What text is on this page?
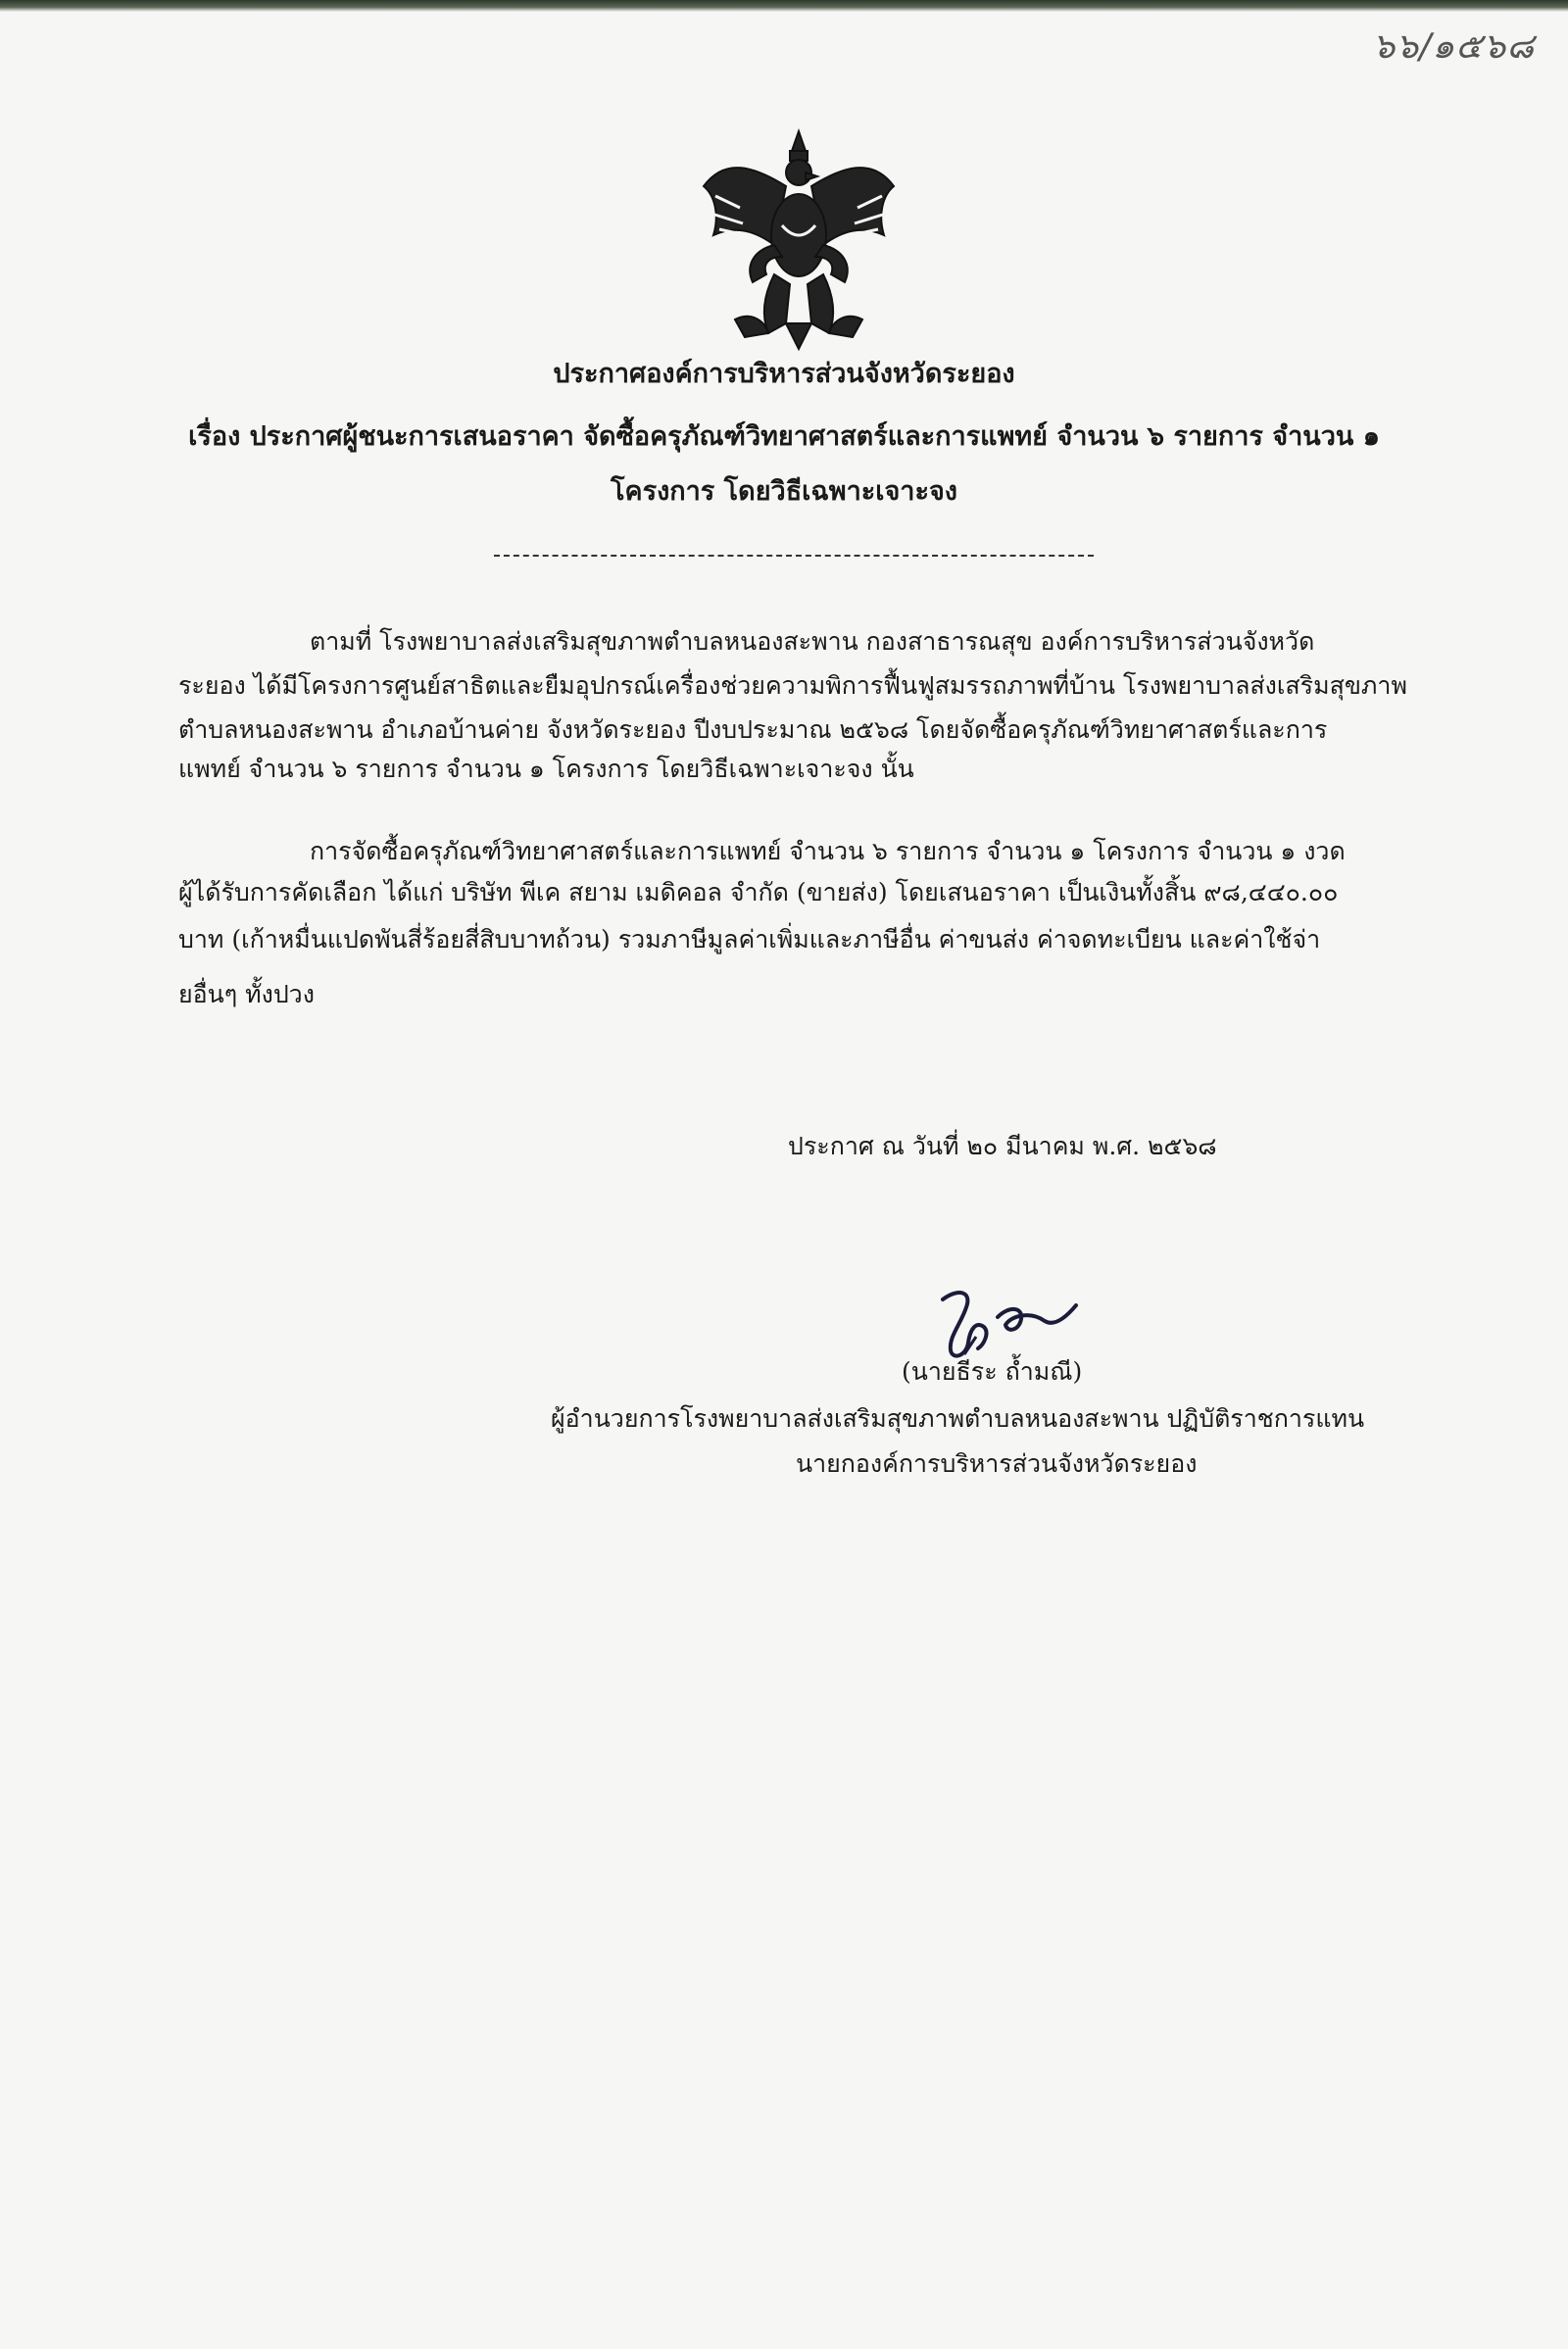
๖๖/๑๕๖๘
ประกาศองค์การบริหารส่วนจังหวัดระยอง
เรื่อง ประกาศผู้ชนะการเสนอราคา จัดซื้อครุภัณฑ์วิทยาศาสตร์และการแพทย์ จำนวน ๖ รายการ จำนวน ๑
โครงการ โดยวิธีเฉพาะเจาะจง
ตามที่ โรงพยาบาลส่งเสริมสุขภาพตำบลหนองสะพาน กองสาธารณสุข องค์การบริหารส่วนจังหวัด
ระยอง ได้มีโครงการศูนย์สาธิตและยืมอุปกรณ์เครื่องช่วยความพิการฟื้นฟูสมรรถภาพที่บ้าน โรงพยาบาลส่งเสริมสุขภาพ
ตำบลหนองสะพาน อำเภอบ้านค่าย จังหวัดระยอง ปีงบประมาณ ๒๕๖๘ โดยจัดซื้อครุภัณฑ์วิทยาศาสตร์และการ
แพทย์ จำนวน ๖ รายการ จำนวน ๑ โครงการ โดยวิธีเฉพาะเจาะจง นั้น
การจัดซื้อครุภัณฑ์วิทยาศาสตร์และการแพทย์ จำนวน ๖ รายการ จำนวน ๑ โครงการ จำนวน ๑ งวด
ผู้ได้รับการคัดเลือก ได้แก่ บริษัท พีเค สยาม เมดิคอล จำกัด (ขายส่ง) โดยเสนอราคา เป็นเงินทั้งสิ้น ๙๘,๔๔๐.๐๐
บาท (เก้าหมื่นแปดพันสี่ร้อยสี่สิบบาทถ้วน) รวมภาษีมูลค่าเพิ่มและภาษีอื่น ค่าขนส่ง ค่าจดทะเบียน และค่าใช้จ่า
ยอื่นๆ ทั้งปวง
ประกาศ ณ วันที่ ๒๐ มีนาคม พ.ศ. ๒๕๖๘
(นายธีระ ถ้ำมณี)
ผู้อำนวยการโรงพยาบาลส่งเสริมสุขภาพตำบลหนองสะพาน ปฏิบัติราชการแทน
นายกองค์การบริหารส่วนจังหวัดระยอง
